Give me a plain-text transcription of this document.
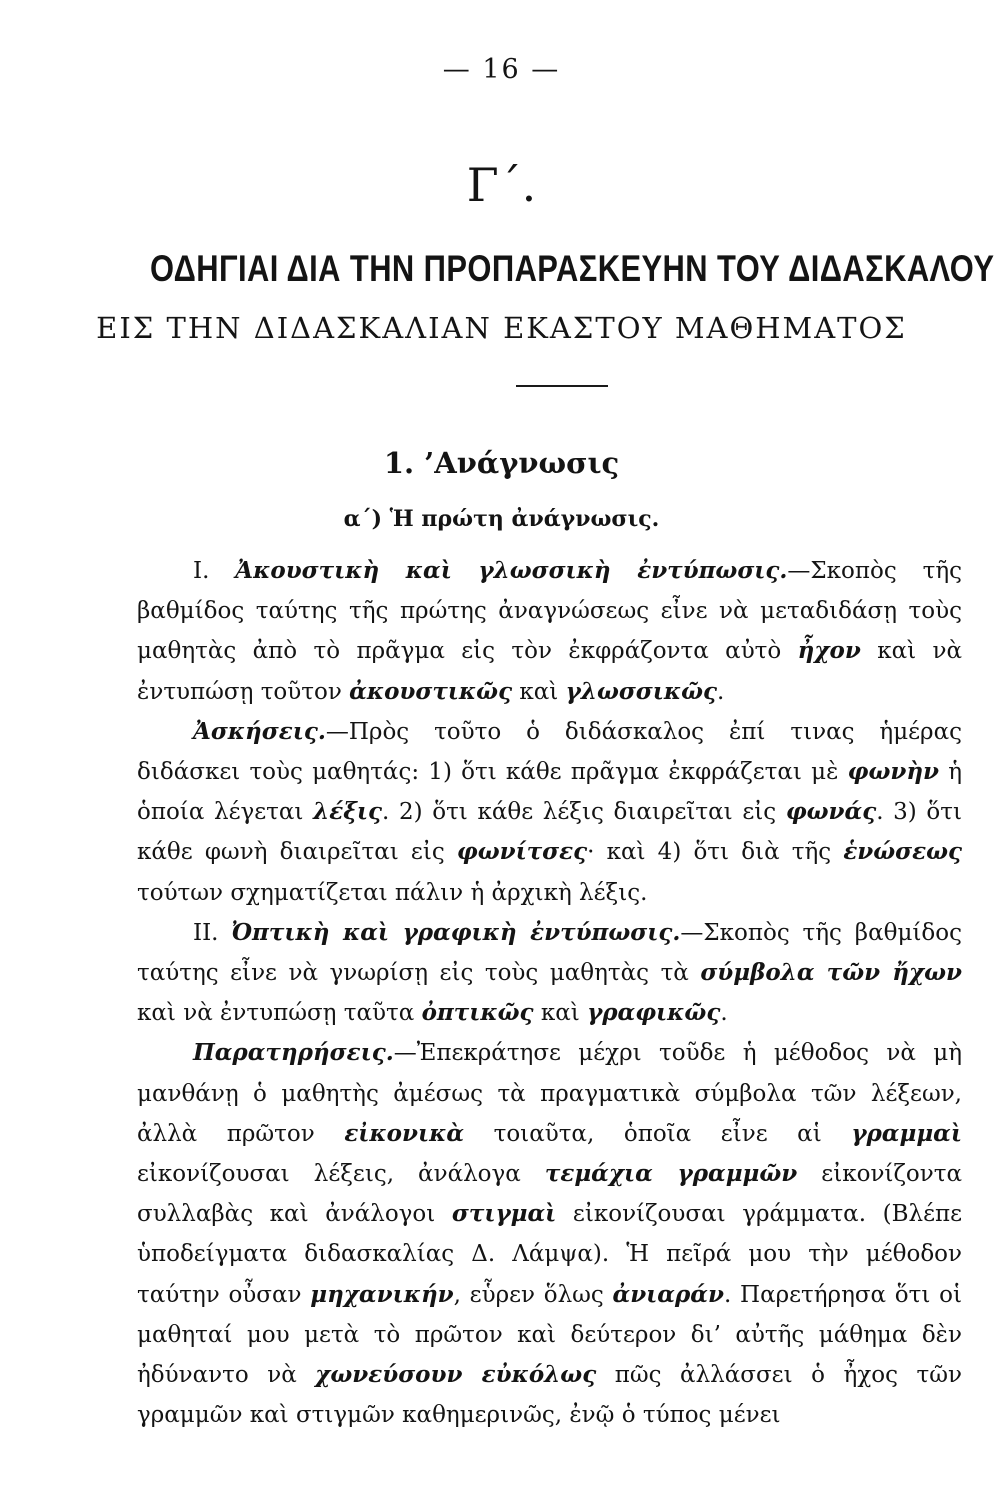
— 16 —
Γ΄.
ΟΔΗΓΙΑΙ ΔΙΑ ΤΗΝ ΠΡΟΠΑΡΑΣΚΕΥΗΝ ΤΟΥ ΔΙΔΑΣΚΑΛΟΥ
ΕΙΣ ΤΗΝ ΔΙΔΑΣΚΑΛΙΑΝ ΕΚΑΣΤΟΥ ΜΑΘΗΜΑΤΟΣ
1. ’Ανάγνωσις
α΄) Ἡ πρώτη ἀνάγνωσις.

Ι. Ἀκουστικὴ καὶ γλωσσικὴ ἐντύπωσις.—Σκοπὸς τῆς βαθμίδος ταύτης τῆς πρώτης ἀναγνώσεως εἶνε νὰ μεταδιδάσῃ τοὺς μαθητὰς ἀπὸ τὸ πρᾶγμα εἰς τὸν ἐκφράζοντα αὐτὸ ἦχον καὶ νὰ ἐντυπώσῃ τοῦτον ἀκουστικῶς καὶ γλωσσικῶς.

Ἀσκήσεις.—Πρὸς τοῦτο ὁ διδάσκαλος ἐπί τινας ἡμέρας διδάσκει τοὺς μαθητάς: 1) ὅτι κάθε πρᾶγμα ἐκφράζεται μὲ φωνὴν ἡ ὁποία λέγεται λέξις. 2) ὅτι κάθε λέξις διαιρεῖται εἰς φωνάς. 3) ὅτι κάθε φωνὴ διαιρεῖται εἰς φωνίτσες· καὶ 4) ὅτι διὰ τῆς ἑνώσεως τούτων σχηματίζεται πάλιν ἡ ἀρχικὴ λέξις.

ΙΙ. Ὀπτικὴ καὶ γραφικὴ ἐντύπωσις.—Σκοπὸς τῆς βαθμίδος ταύτης εἶνε νὰ γνωρίσῃ εἰς τοὺς μαθητὰς τὰ σύμβολα τῶν ἤχων καὶ νὰ ἐντυπώσῃ ταῦτα ὀπτικῶς καὶ γραφικῶς.

Παρατηρήσεις.—Ἐπεκράτησε μέχρι τοῦδε ἡ μέθοδος νὰ μὴ μανθάνῃ ὁ μαθητὴς ἀμέσως τὰ πραγματικὰ σύμβολα τῶν λέξεων, ἀλλὰ πρῶτον εἰκονικὰ τοιαῦτα, ὁποῖα εἶνε αἱ γραμμαὶ εἰκονίζουσαι λέξεις, ἀνάλογα τεμάχια γραμμῶν εἰκονίζοντα συλλαβὰς καὶ ἀνάλογοι στιγμαὶ εἰκονίζουσαι γράμματα. (Βλέπε ὑποδείγματα διδασκαλίας Δ. Λάμψα). Ἡ πεῖρά μου τὴν μέθοδον ταύτην οὖσαν μηχανικήν, εὗρεν ὅλως ἀνιαράν. Παρετήρησα ὅτι οἱ μαθηταί μου μετὰ τὸ πρῶτον καὶ δεύτερον δι’ αὐτῆς μάθημα δὲν ἠδύναντο νὰ χωνεύσουν εὐκόλως πῶς ἀλλάσσει ὁ ἦχος τῶν γραμμῶν καὶ στιγμῶν καθημερινῶς, ἐνῷ ὁ τύπος μένει
